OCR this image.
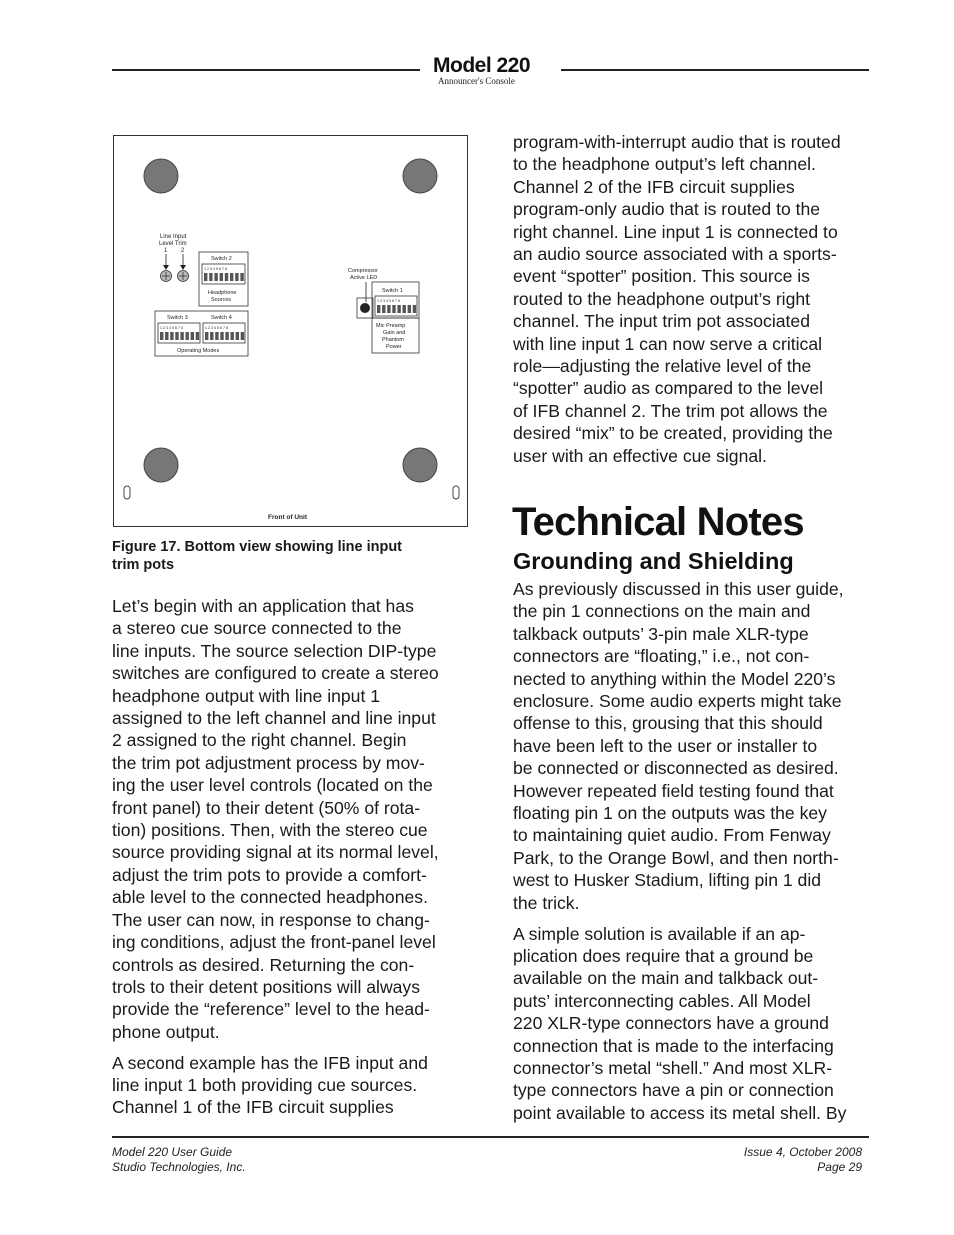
Model 220
Announcer's Console
Line Input
Level Trim
1 2
Switch 2
1 2 3 4 5 6 7 8
Headphone
Sources
Switch 3	Switch 4
1 2 3 4 5 6 7 8	1 2 3 4 5 6 7 8
Operating Modes
Compressor
Active LED
Switch 1
1 2 3 4 5 6 7 8
Mic Preamp
Gain and
Phantom
Power
Front of Unit
Figure 17. Bottom view showing line input
trim pots

Let’s begin with an application that has
a stereo cue source connected to the
line inputs. The source selection DIP-type
switches are configured to create a stereo
headphone output with line input 1
assigned to the left channel and line input
2 assigned to the right channel. Begin
the trim pot adjustment process by mov-
ing the user level controls (located on the
front panel) to their detent (50% of rota-
tion) positions. Then, with the stereo cue
source providing signal at its normal level,
adjust the trim pots to provide a comfort-
able level to the connected headphones.
The user can now, in response to chang-
ing conditions, adjust the front-panel level
controls as desired. Returning the con-
trols to their detent positions will always
provide the “reference” level to the head-
phone output.

A second example has the IFB input and
line input 1 both providing cue sources.
Channel 1 of the IFB circuit supplies

program-with-interrupt audio that is routed
to the headphone output’s left channel.
Channel 2 of the IFB circuit supplies
program-only audio that is routed to the
right channel. Line input 1 is connected to
an audio source associated with a sports-
event “spotter” position. This source is
routed to the headphone output’s right
channel. The input trim pot associated
with line input 1 can now serve a critical
role—adjusting the relative level of the
“spotter” audio as compared to the level
of IFB channel 2. The trim pot allows the
desired “mix” to be created, providing the
user with an effective cue signal.

Technical Notes
Grounding and Shielding

As previously discussed in this user guide,
the pin 1 connections on the main and
talkback outputs’ 3-pin male XLR-type
connectors are “floating,” i.e., not con-
nected to anything within the Model 220’s
enclosure. Some audio experts might take
offense to this, grousing that this should
have been left to the user or installer to
be connected or disconnected as desired.
However repeated field testing found that
floating pin 1 on the outputs was the key
to maintaining quiet audio. From Fenway
Park, to the Orange Bowl, and then north-
west to Husker Stadium, lifting pin 1 did
the trick.

A simple solution is available if an ap-
plication does require that a ground be
available on the main and talkback out-
puts’ interconnecting cables. All Model
220 XLR-type connectors have a ground
connection that is made to the interfacing
connector’s metal “shell.” And most XLR-
type connectors have a pin or connection
point available to access its metal shell. By

Model 220 User Guide
Studio Technologies, Inc.
Issue 4, October 2008
Page 29
